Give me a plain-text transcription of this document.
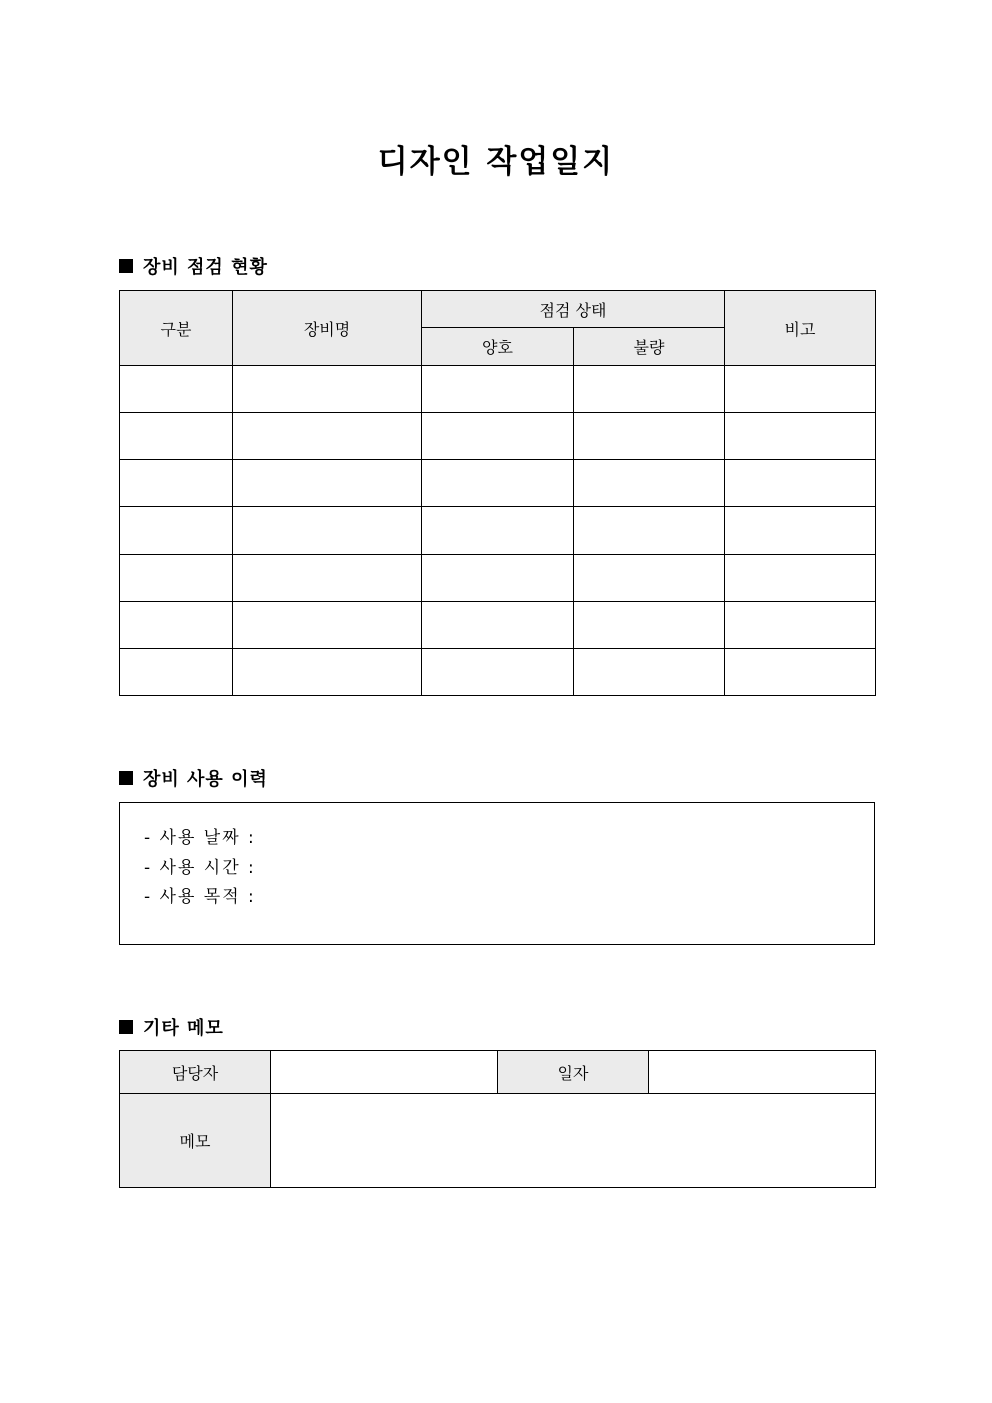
디자인 작업일지
장비 점검 현황
구분	장비명	점검 상태		비고
		양호	불량	

장비 사용 이력
- 사용 날짜 :
- 사용 시간 :
- 사용 목적 :
기타 메모
담당자		일자	
메모			
